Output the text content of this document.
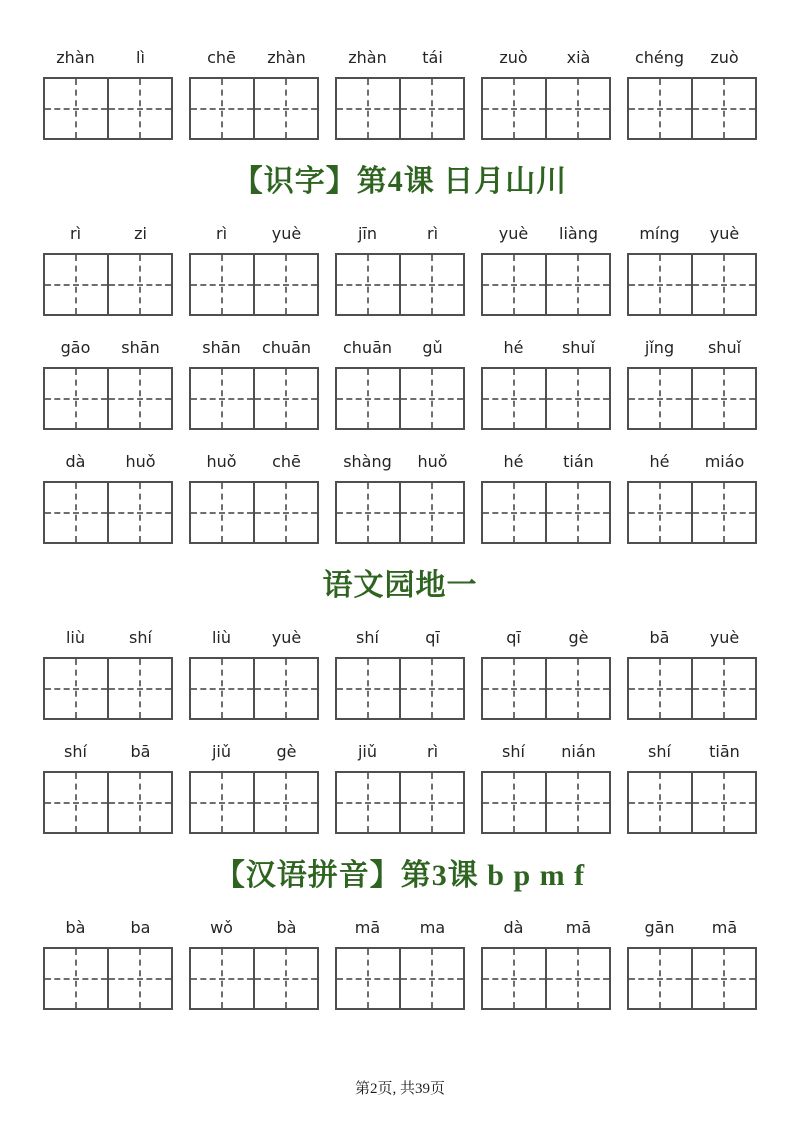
zhàn	lì	chē	zhàn	zhàn	tái	zuò	xià	chéng	zuò
【识字】第4课 日月山川
rì	zi	rì	yuè	jīn	rì	yuè	liàng	míng	yuè
gāo	shān	shān	chuān	chuān	gǔ	hé	shuǐ	jǐng	shuǐ
dà	huǒ	huǒ	chē	shàng	huǒ	hé	tián	hé	miáo
语文园地一
liù	shí	liù	yuè	shí	qī	qī	gè	bā	yuè
shí	bā	jiǔ	gè	jiǔ	rì	shí	nián	shí	tiān
【汉语拼音】第3课 b p m f
bà	ba	wǒ	bà	mā	ma	dà	mā	gān	mā
第2页, 共39页
